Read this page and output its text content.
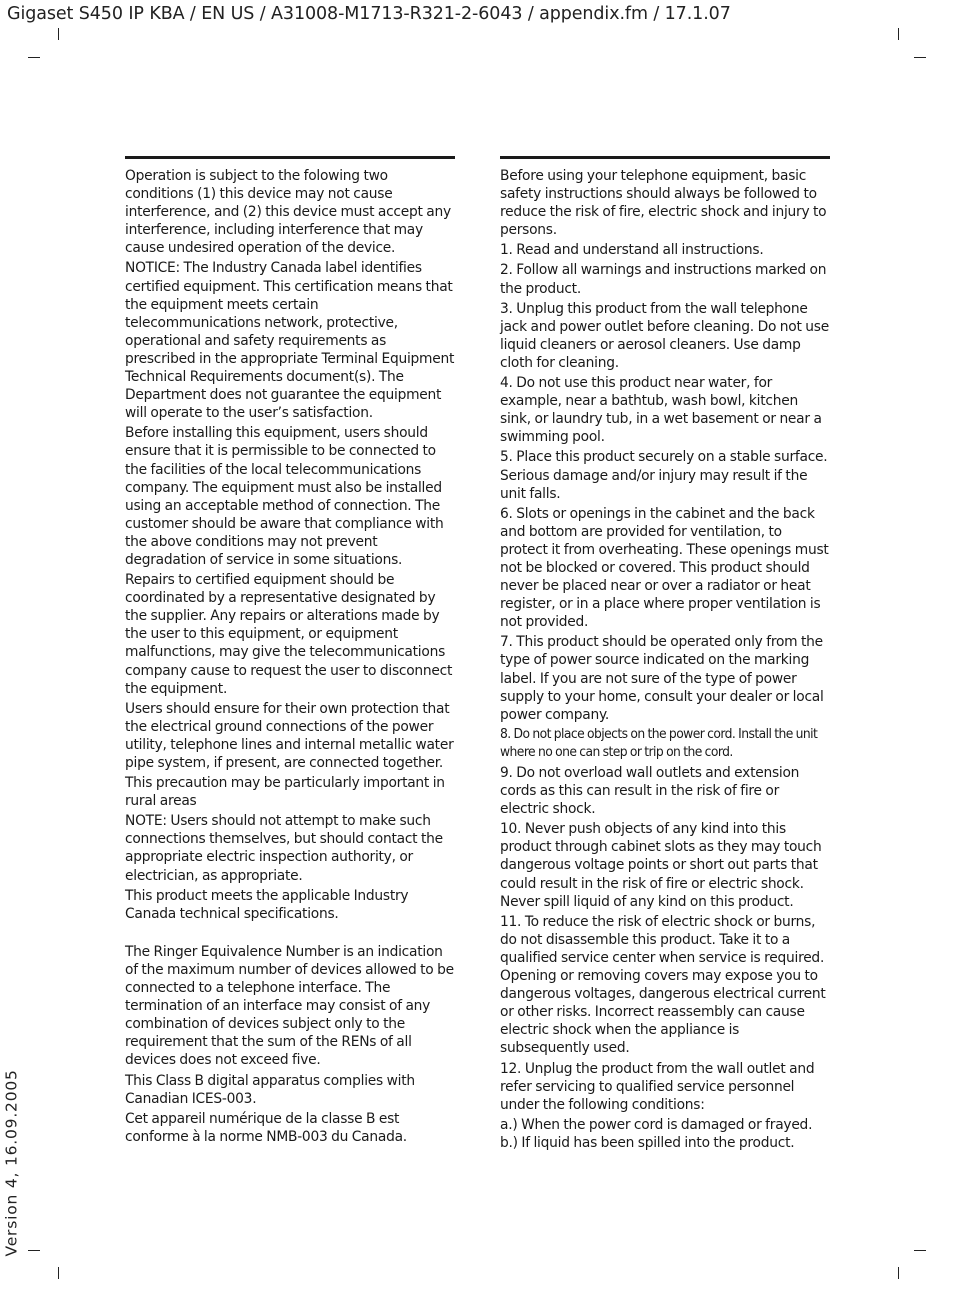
Gigaset S450 IP KBA / EN US / A31008-M1713-R321-2-6043 / appendix.fm / 17.1.07
Version 4, 16.09.2005

Operation is subject to the folowing two conditions (1) this device may not cause interference, and (2) this device must accept any interference, including interference that may cause undesired operation of the device.

NOTICE: The Industry Canada label identifies certified equipment. This certification means that the equipment meets certain telecommunications network, protective, operational and safety requirements as prescribed in the appropriate Terminal Equipment Technical Requirements document(s). The Department does not guarantee the equipment will operate to the user’s satisfaction.

Before installing this equipment, users should ensure that it is permissible to be connected to the facilities of the local telecommunications company. The equipment must also be installed using an acceptable method of connection. The customer should be aware that compliance with the above conditions may not prevent degradation of service in some situations.

Repairs to certified equipment should be coordinated by a representative designated by the supplier. Any repairs or alterations made by the user to this equipment, or equipment malfunctions, may give the telecommunications company cause to request the user to disconnect the equipment.

Users should ensure for their own protection that the electrical ground connections of the power utility, telephone lines and internal metallic water pipe system, if present, are connected together.

This precaution may be particularly important in rural areas

NOTE: Users should not attempt to make such connections themselves, but should contact the appropriate electric inspection authority, or electrician, as appropriate.

This product meets the applicable Industry Canada technical specifications.

The Ringer Equivalence Number is an indication of the maximum number of devices allowed to be connected to a telephone interface. The termination of an interface may consist of any combination of devices subject only to the requirement that the sum of the RENs of all devices does not exceed five.

This Class B digital apparatus complies with Canadian ICES-003.

Cet appareil numérique de la classe B est conforme à la norme NMB-003 du Canada.

Before using your telephone equipment, basic safety instructions should always be followed to reduce the risk of fire, electric shock and injury to persons.

1. Read and understand all instructions.

2. Follow all warnings and instructions marked on the product.

3. Unplug this product from the wall telephone jack and power outlet before cleaning. Do not use liquid cleaners or aerosol cleaners. Use damp cloth for cleaning.

4. Do not use this product near water, for example, near a bathtub, wash bowl, kitchen sink, or laundry tub, in a wet basement or near a swimming pool.

5. Place this product securely on a stable surface. Serious damage and/or injury may result if the unit falls.

6. Slots or openings in the cabinet and the back and bottom are provided for ventilation, to protect it from overheating. These openings must not be blocked or covered. This product should never be placed near or over a radiator or heat register, or in a place where proper ventilation is not provided.

7. This product should be operated only from the type of power source indicated on the marking label. If you are not sure of the type of power supply to your home, consult your dealer or local power company.

8. Do not place objects on the power cord. Install the unit where no one can step or trip on the cord.

9. Do not overload wall outlets and extension cords as this can result in the risk of fire or electric shock.

10. Never push objects of any kind into this product through cabinet slots as they may touch dangerous voltage points or short out parts that could result in the risk of fire or electric shock. Never spill liquid of any kind on this product.

11. To reduce the risk of electric shock or burns, do not disassemble this product. Take it to a qualified service center when service is required. Opening or removing covers may expose you to dangerous voltages, dangerous electrical current or other risks. Incorrect reassembly can cause electric shock when the appliance is subsequently used.

12. Unplug the product from the wall outlet and refer servicing to qualified service personnel under the following conditions:

a.) When the power cord is damaged or frayed.

b.) If liquid has been spilled into the product.
